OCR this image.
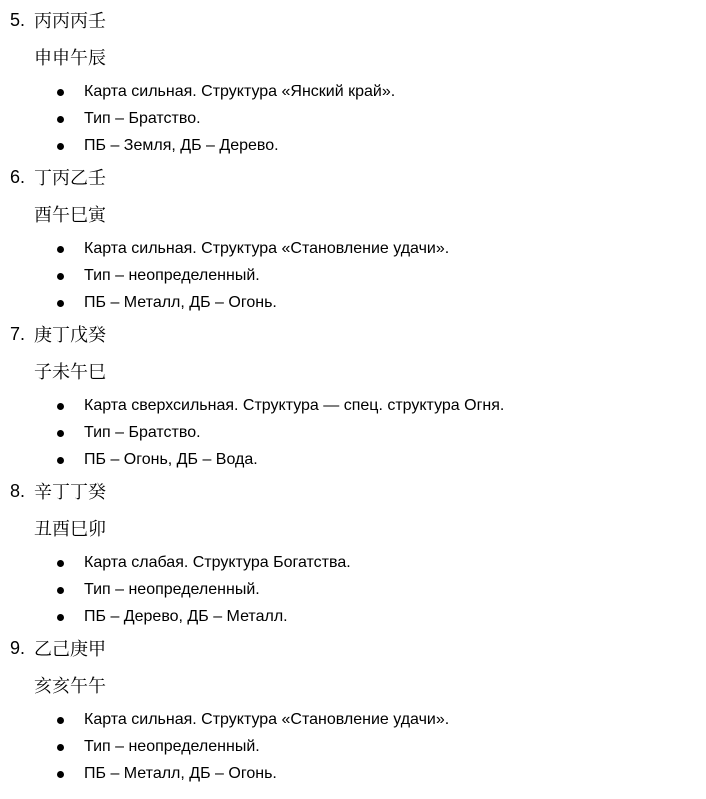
5. 丙丙丙壬
申申午辰
Карта сильная. Структура «Янский край».
Тип – Братство.
ПБ – Земля, ДБ – Дерево.
6. 丁丙乙壬
酉午巳寅
Карта сильная. Структура «Становление удачи».
Тип – неопределенный.
ПБ – Металл, ДБ – Огонь.
7. 庚丁戊癸
子未午巳
Карта сверхсильная. Структура — спец. структура Огня.
Тип – Братство.
ПБ – Огонь, ДБ – Вода.
8. 辛丁丁癸
丑酉巳卯
Карта слабая. Структура Богатства.
Тип – неопределенный.
ПБ – Дерево, ДБ – Металл.
9. 乙己庚甲
亥亥午午
Карта сильная. Структура «Становление удачи».
Тип – неопределенный.
ПБ – Металл, ДБ – Огонь.
